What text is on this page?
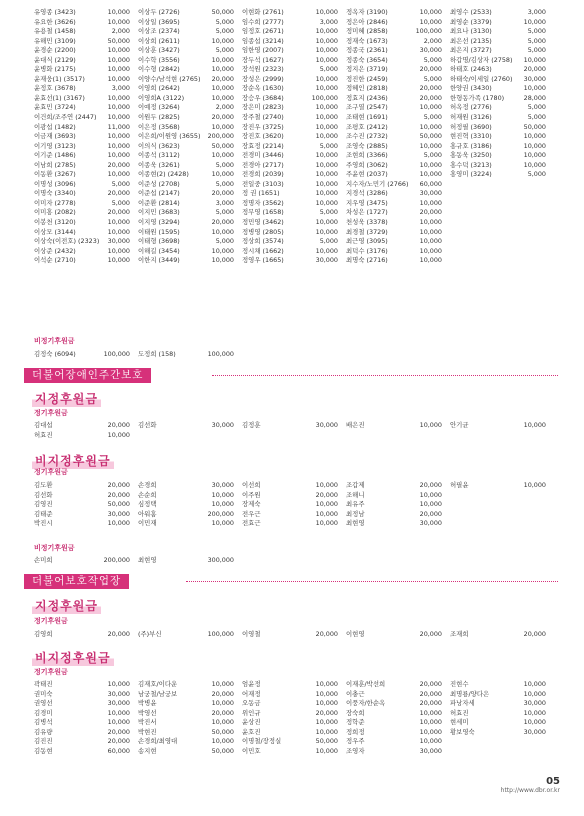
유영종 (3423)	10,000 이상두 (2726)	50,000 이현화 (2761)	10,000 정옥자 (3190)	10,000 최영수 (2533)	3,000
유요한 (3626)	10,000 이상일 (3695)	5,000 임수희 (2777)	3,000 정은아 (2846)	10,000 최영순 (3379)	10,000
유용철 (1458)	2,000 이상조 (2374)	5,000 임정호 (2671)	10,000 정미혜 (2858)	100,000 최요나 (3130)	5,000
유해민 (3109)	50,000 이상희 (2611)	10,000 임종섭 (3214)	10,000 정재숙 (1673)	2,000 최은선 (2135)	5,000
윤경순 (2200)	10,000 이상훈 (3427)	5,000 임한영 (2007)	10,000 정종국 (2361)	30,000 최은지 (3727)	5,000
윤대식 (2129)	10,000 이수학 (3556)	10,000 장두석 (1627)	10,000 정종숙 (3654)	5,000 하갑명/김상자 (2758) 10,000
윤병화 (2175)	10,000 이수형 (2842)	10,000 장석원 (2323)	5,000 정지은 (3719)	20,000 하태호 (2463)	20,000
윤재웅(1) (3517)	10,000 이양수/남석현 (2765) 20,000 장성은 (2999)	10,000 정진한 (2459)	5,000 하태숙/이세일 (2760) 30,000
윤정호 (3678)	3,000 이영희 (2642)	10,000 장순옥 (1630)	10,000 정혜인 (2818)	20,000 한양권 (3430)	10,000
윤효선(1) (3167)	10,000 이영희A (3122)	10,000 장승우 (3684)	100,000 정효지 (2436)	20,000 한형동가족 (1780)	28,000
윤효민 (3724)	10,000 이예정 (3264)	2,000 장은미 (2823)	10,000 조구열 (2547)	10,000 허옥정 (2776)	5,000
이건희/조주연 (2447) 10,000 이원두 (2825)	20,000 장주철 (2740)	10,000 조태현 (1691)	5,000 허재원 (3126)	5,000
이광섭 (1482)	11,000 이은정 (3568)	10,000 장진우 (3725)	10,000 조평호 (2412)	10,000 허정필 (3690)	50,000
이금재 (3693)	10,000 이은희/이원영 (3655) 200,000 장진호 (3620)	10,000 조수진 (2732)	50,000 현진혁 (3310)	10,000
이기영 (3123)	10,000 이의식 (3623)	50,000 장효정 (2214)	5,000 조영숙 (2885)	10,000 홍규호 (3186)	10,000
이기준 (1486)	10,000 이종석 (3112)	10,000 전경미 (3446)	10,000 조현희 (3366)	5,000 홍동욱 (3250)	10,000
이남희 (2785)	20,000 이종욱 (3261)	5,000 전경아 (2717)	10,000 주영희 (3062)	10,000 홍수덕 (3213)	10,000
이동환 (3267)	10,000 이종현(2) (2428)	10,000 전경희 (2039)	10,000 주윤현 (2037)	10,000 홍영미 (3224)	5,000
이명성 (3096)	5,000 이준성 (2708)	5,000 전일중 (3103)	10,000 지수자/노민기 (2766) 60,000
이명숙 (3340)	20,000 이준섭 (2147)	20,000 정 권 (1651)	10,000 지경석 (3286)	30,000
이미자 (2778)	5,000 이준환 (2814)	3,000 정명자 (3562)	10,000 지우영 (3475)	10,000
이미홍 (2082)	20,000 이지민 (3683)	5,000 정무영 (1658)	5,000 차성은 (1727)	20,000
이봉천 (3120)	10,000 이지영 (3294)	20,000 정민영 (3462)	10,000 천성욱 (3378)	10,000
이상모 (3144)	10,000 이태원 (1595)	10,000 정병영 (2805)	10,000 최경철 (3729)	10,000
이상숙(이전호) (2323) 30,000 이태형 (3698)	5,000 정상희 (3574)	5,000 최근영 (3095)	10,000
이상준 (2432)	10,000 이해길 (3454)	10,000 정시채 (1662)	10,000 최덕수 (3176)	10,000
이석순 (2710)	10,000 이한지 (3449)	10,000 정영우 (1665)	30,000 최명숙 (2716)	10,000
비정기후원금
김정숙 (6094)	100,000 도정희 (158)	100,000
더불어장애인주간보호
지정후원금
정기후원금
김대섭	20,000 김선화	30,000 김정훈	30,000 배은진	10,000 안기균	10,000
허효진	10,000
비지정후원금
정기후원금
김도환	20,000 손경희	30,000 이선희	10,000 조갑제	20,000 허필윤	10,000
김선화	20,000 손순희	10,000 이주원	20,000 조해니	10,000
김영진	50,000 심정택	10,000 장제숙	10,000 최유주	10,000
김태준	30,000 아워홈	200,000 전우근	10,000 최정남	20,000
박진시	10,000 이민재	10,000 전효근	10,000 최현영	30,000
비정기후원금
손미희	200,000 최현영	300,000
더불어보호작업장
지정후원금
정기후원금
김영희	20,000 (주)부신	100,000 이영철	20,000 이현영	20,000 조재희	20,000
비지정후원금
정기후원금
곽태진	10,000 김재호/이다운	10,000 엄윤정	10,000 이재훈/박선희	20,000 진현수	10,000
권미숙	30,000 남궁철/남궁보	20,000 어재정	10,000 이충근	20,000 최명룡/양다은	10,000
권영선	30,000 박병윤	10,000 오동금	10,000 이풍자/한순옥	20,000 파낭자세	30,000
김경미	10,000 박영선	20,000 위인규	20,000 장숙희	10,000 허효진	10,000
김병석	10,000 박진서	10,000 윤상진	10,000 정학준	10,000 현세미	10,000
김유량	20,000 박현진	50,000 윤호진	10,000 정희정	10,000 황보영숙	30,000
김진진	20,000 손경희/최영대	10,000 이명철/장정실	50,000 정우주	10,000
김동현	60,000 송지현	50,000 이민호	10,000 조영자	30,000
05
http://www.dbr.or.kr
